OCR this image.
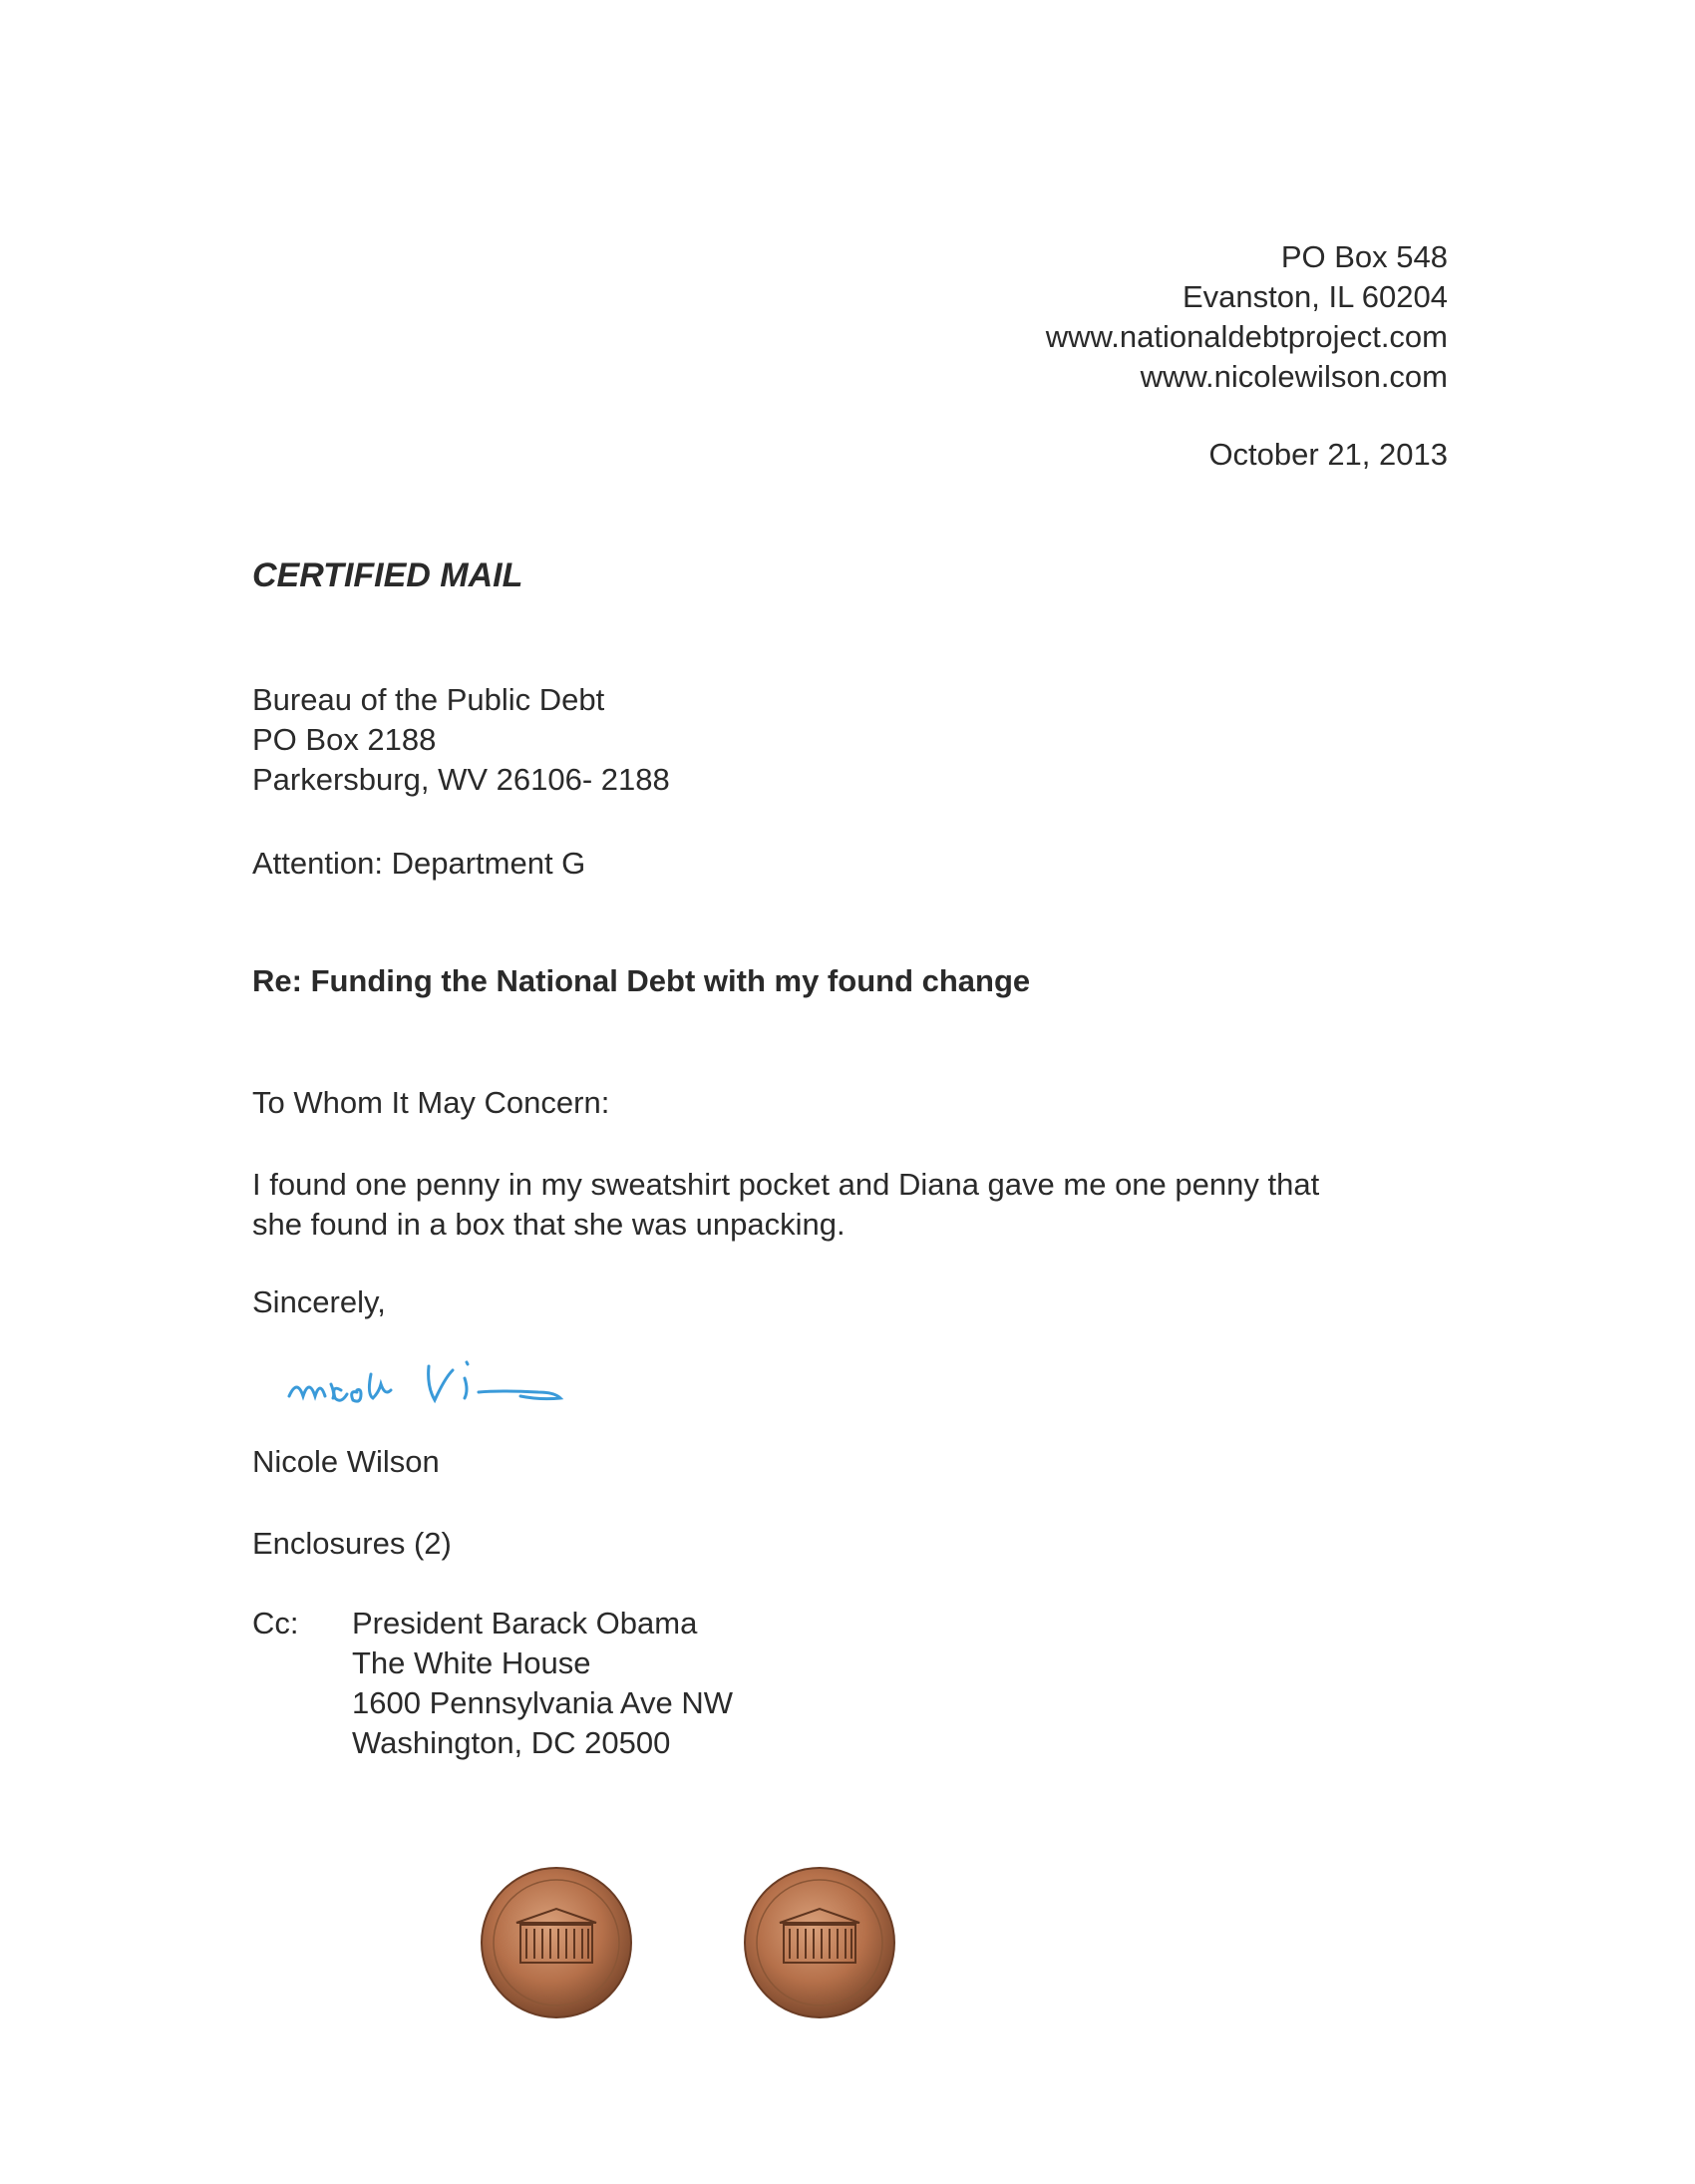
PO Box 548
Evanston, IL 60204
www.nationaldebtproject.com
www.nicolewilson.com
October 21, 2013
CERTIFIED MAIL
Bureau of the Public Debt
PO Box 2188
Parkersburg, WV 26106- 2188
Attention: Department G
Re: Funding the National Debt with my found change
To Whom It May Concern:
I found one penny in my sweatshirt pocket and Diana gave me one penny that
she found in a box that she was unpacking.
Sincerely,
Nicole Wilson
Enclosures (2)
Cc: President Barack Obama
The White House
1600 Pennsylvania Ave NW
Washington, DC 20500
